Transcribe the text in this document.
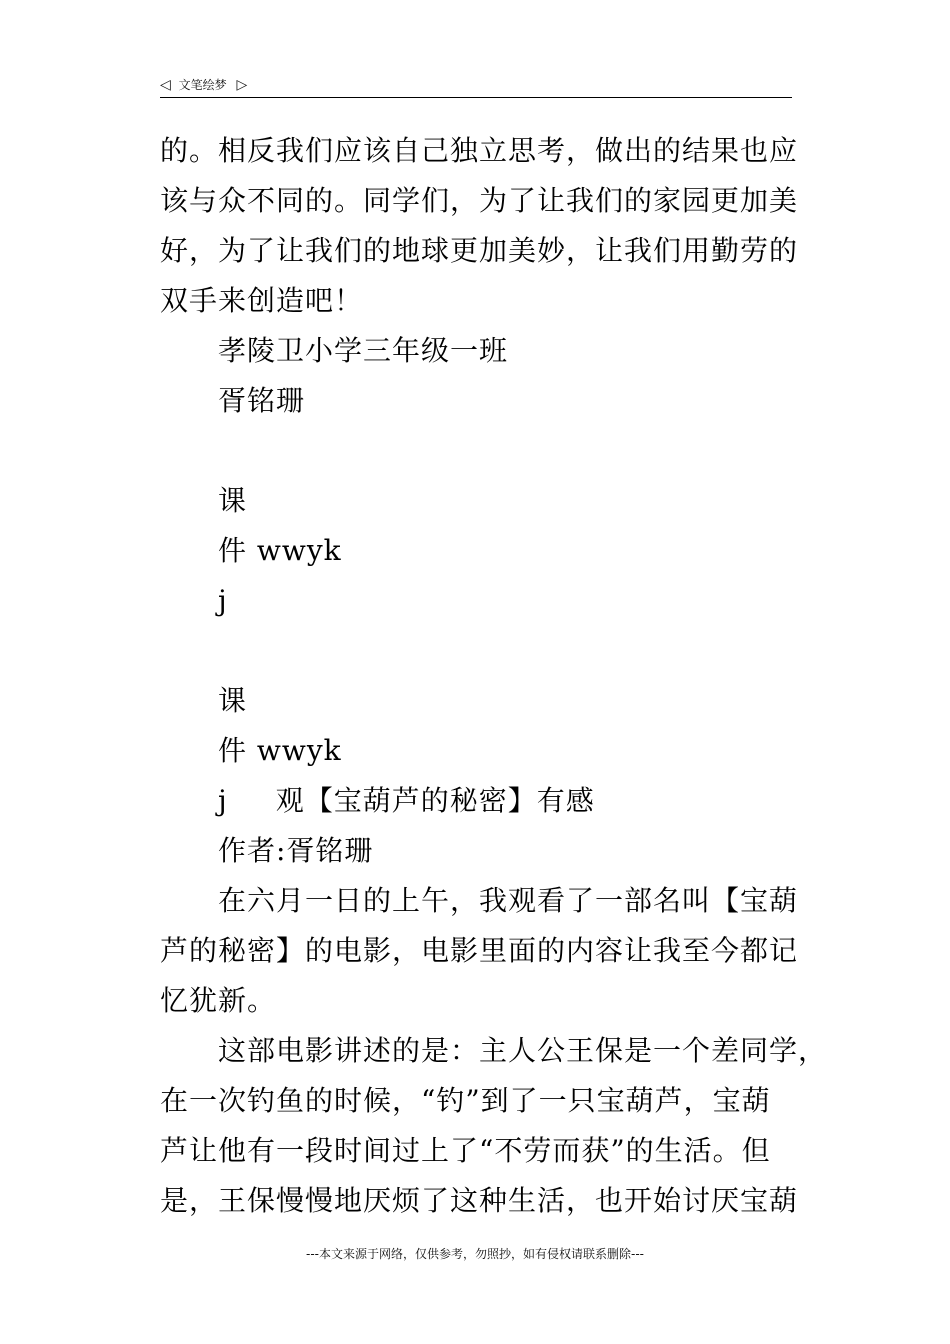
◁ 文笔绘梦 ▷
的。相反我们应该自己独立思考，做出的结果也应
该与众不同的。同学们，为了让我们的家园更加美
好，为了让我们的地球更加美妙，让我们用勤劳的
双手来创造吧！
孝陵卫小学三年级一班
胥铭珊
课
件 wwyk
j
课
件 wwyk
j 观【宝葫芦的秘密】有感
作者:胥铭珊
在六月一日的上午，我观看了一部名叫【宝葫
芦的秘密】的电影，电影里面的内容让我至今都记
忆犹新。
这部电影讲述的是：主人公王保是一个差同学，
在一次钓鱼的时候，“钓”到了一只宝葫芦，宝葫
芦让他有一段时间过上了“不劳而获”的生活。但
是，王保慢慢地厌烦了这种生活，也开始讨厌宝葫
---本文来源于网络，仅供参考，勿照抄，如有侵权请联系删除---
